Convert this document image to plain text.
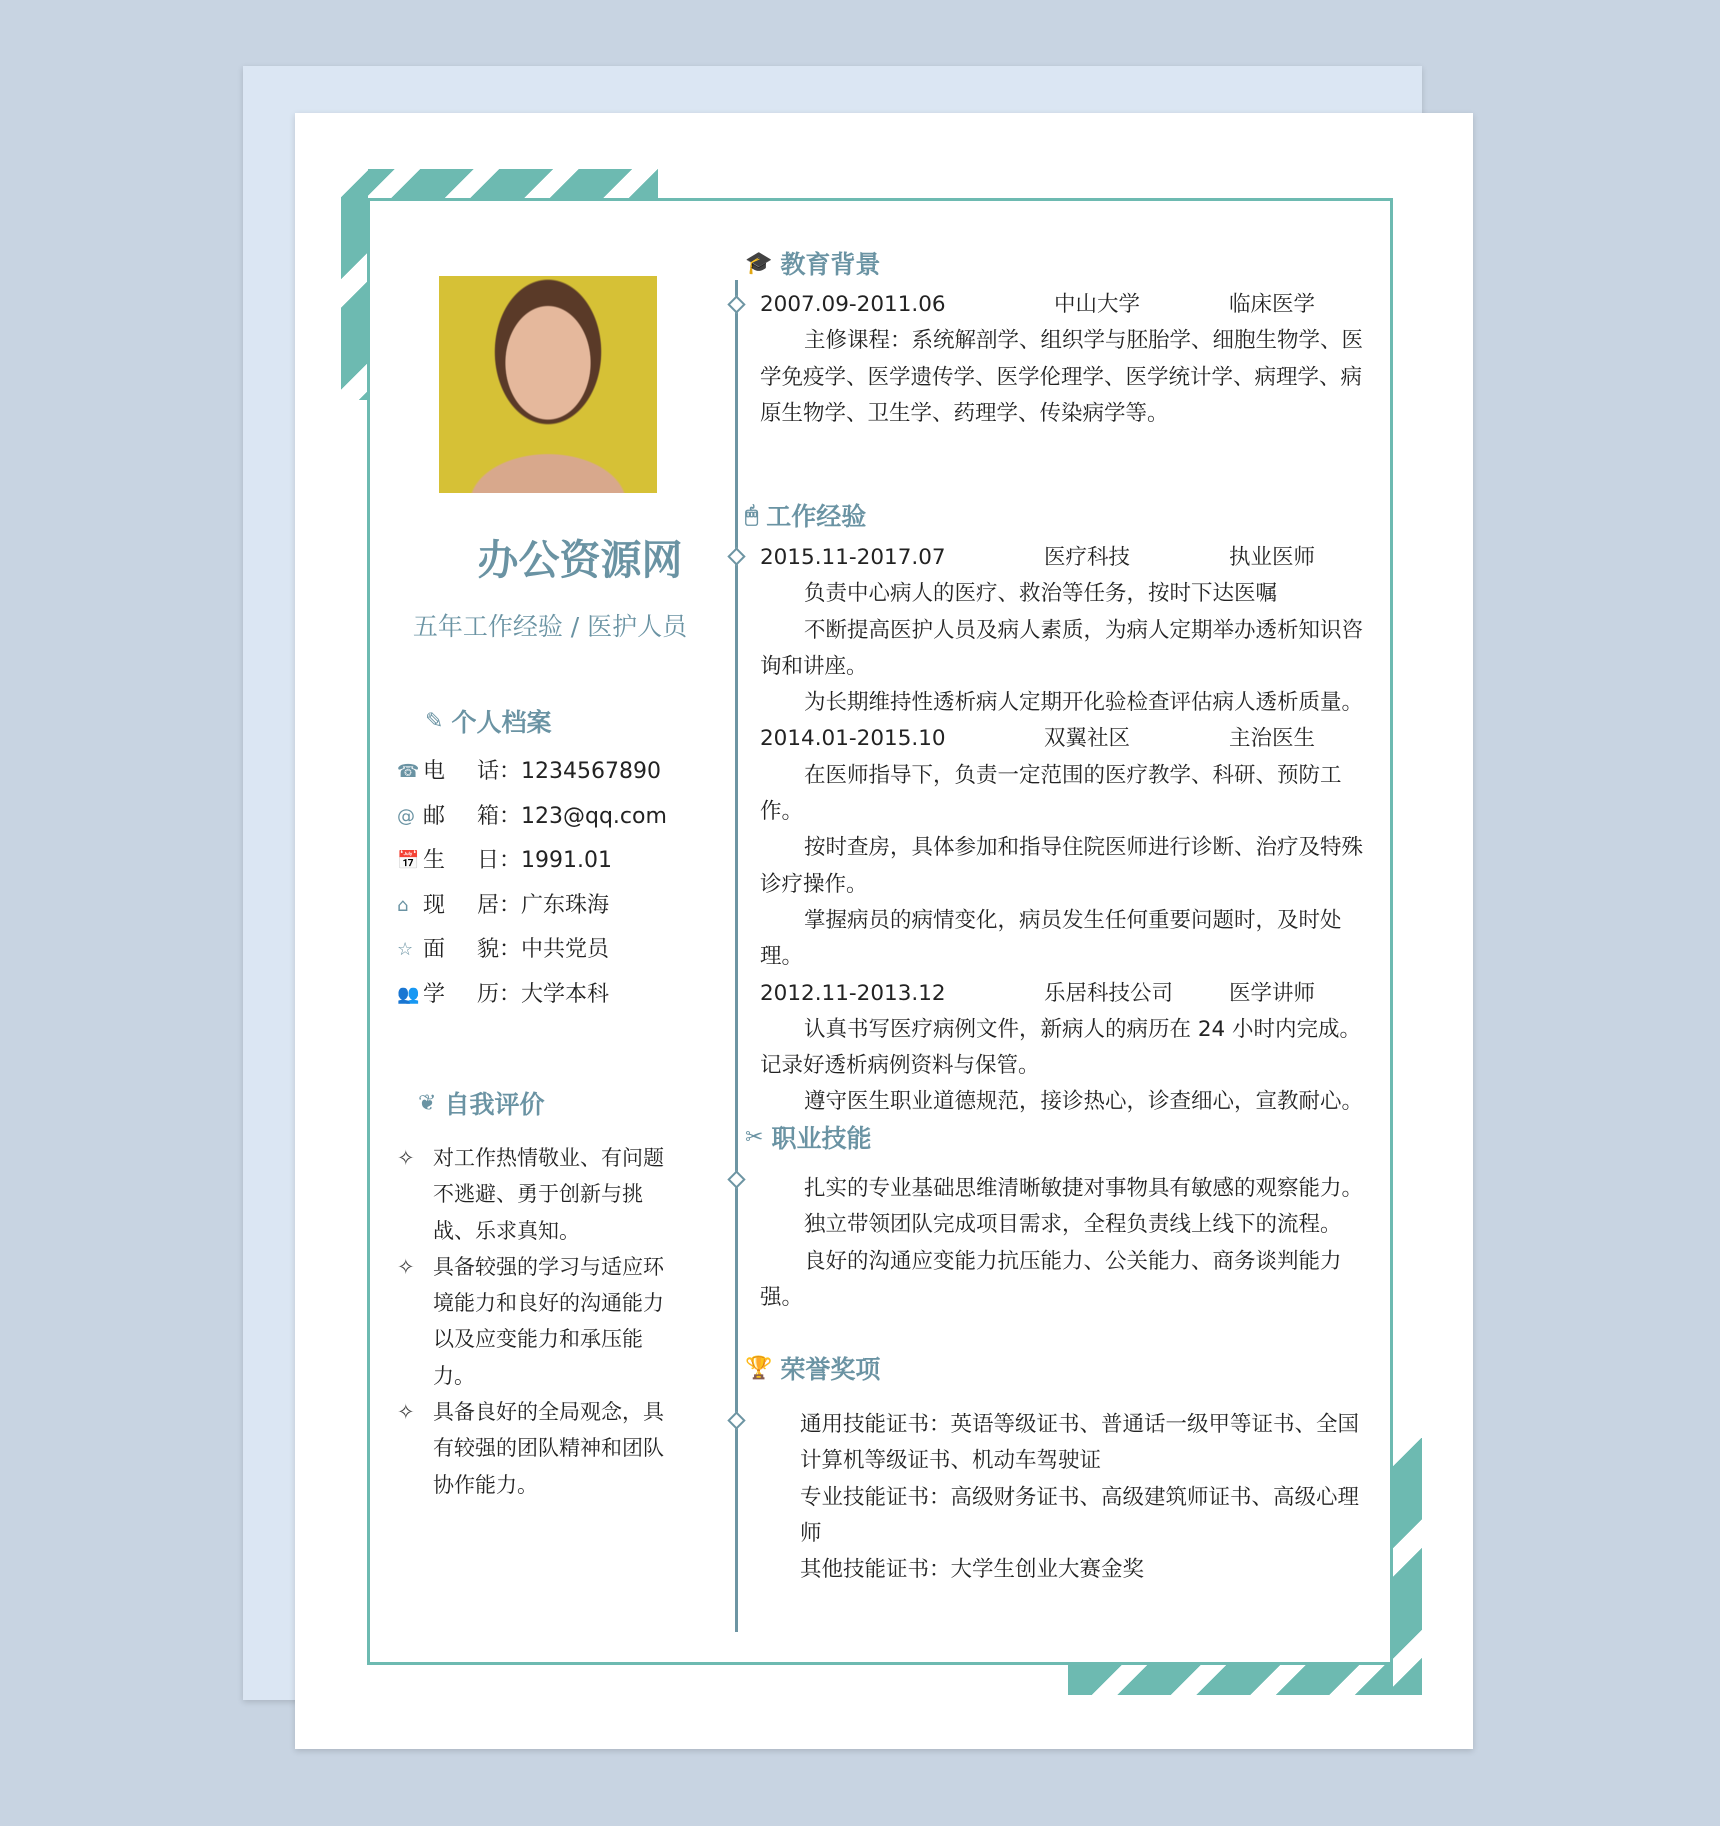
办公资源网
五年工作经验 / 医护人员
✎ 个人档案
☎ 电	话： 1234567890
@ 邮	箱： 123@qq.com
📅 生	日： 1991.01
⌂ 现	居： 广东珠海
☆ 面	貌： 中共党员
👥 学	历： 大学本科
❦ 自我评价
✧ 对工作热情敬业、有问题不逃避、勇于创新与挑战、乐求真知。
✧ 具备较强的学习与适应环境能力和良好的沟通能力以及应变能力和承压能力。
✧ 具备良好的全局观念，具有较强的团队精神和团队协作能力。
🎓 教育背景
2007.09-2011.06	中山大学	临床医学
主修课程：系统解剖学、组织学与胚胎学、细胞生物学、医学免疫学、医学遗传学、医学伦理学、医学统计学、病理学、病原生物学、卫生学、药理学、传染病学等。
🖱 工作经验
2015.11-2017.07	医疗科技	执业医师
负责中心病人的医疗、救治等任务，按时下达医嘱
不断提高医护人员及病人素质，为病人定期举办透析知识咨询和讲座。
为长期维持性透析病人定期开化验检查评估病人透析质量。
2014.01-2015.10	双翼社区	主治医生
在医师指导下，负责一定范围的医疗教学、科研、预防工作。
按时查房，具体参加和指导住院医师进行诊断、治疗及特殊诊疗操作。
掌握病员的病情变化，病员发生任何重要问题时，及时处理。
2012.11-2013.12	乐居科技公司	医学讲师
认真书写医疗病例文件，新病人的病历在 24 小时内完成。记录好透析病例资料与保管。
遵守医生职业道德规范，接诊热心，诊查细心，宣教耐心。
✂ 职业技能
扎实的专业基础思维清晰敏捷对事物具有敏感的观察能力。
独立带领团队完成项目需求，全程负责线上线下的流程。
良好的沟通应变能力抗压能力、公关能力、商务谈判能力强。
🏆 荣誉奖项
通用技能证书：英语等级证书、普通话一级甲等证书、全国计算机等级证书、机动车驾驶证
专业技能证书：高级财务证书、高级建筑师证书、高级心理师
其他技能证书：大学生创业大赛金奖
